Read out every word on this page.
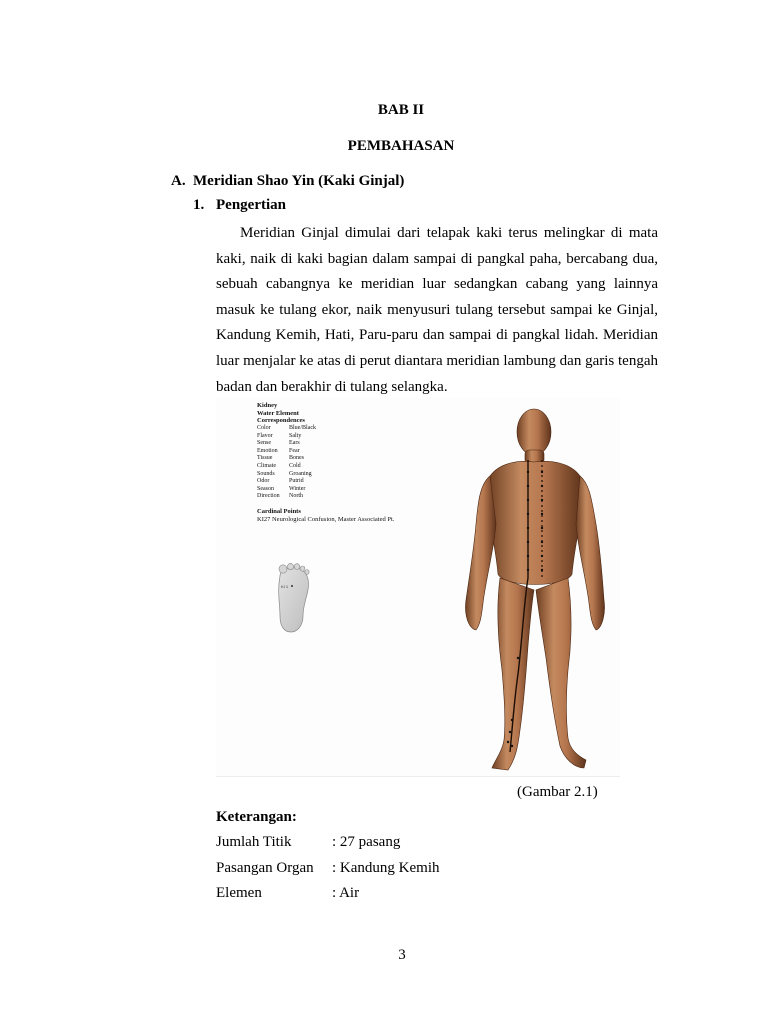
BAB II
PEMBAHASAN
A. Meridian Shao Yin (Kaki Ginjal)
1. Pengertian

Meridian Ginjal dimulai dari telapak kaki terus melingkar di mata kaki, naik di kaki bagian dalam sampai di pangkal paha, bercabang dua, sebuah cabangnya ke meridian luar sedangkan cabang yang lainnya masuk ke tulang ekor, naik menyusuri tulang tersebut sampai ke Ginjal, Kandung Kemih, Hati, Paru-paru dan sampai di pangkal lidah. Meridian luar menjalar ke atas di perut diantara meridian lambung dan garis tengah badan dan berakhir di tulang selangka.

Kidney
Water Element
Correspondences
Color	Blue/Black
Flavor	Salty
Sense	Ears
Emotion	Fear
Tissue	Bones
Climate	Cold
Sounds	Groaning
Odor	Putrid
Season	Winter
Direction	North
Cardinal Points
KI27 Neurological Confusion, Master Associated Pt.
KI 1
(Gambar 2.1)
Keterangan:
Jumlah Titik	: 27 pasang
Pasangan Organ : Kandung Kemih
Elemen	: Air
3
